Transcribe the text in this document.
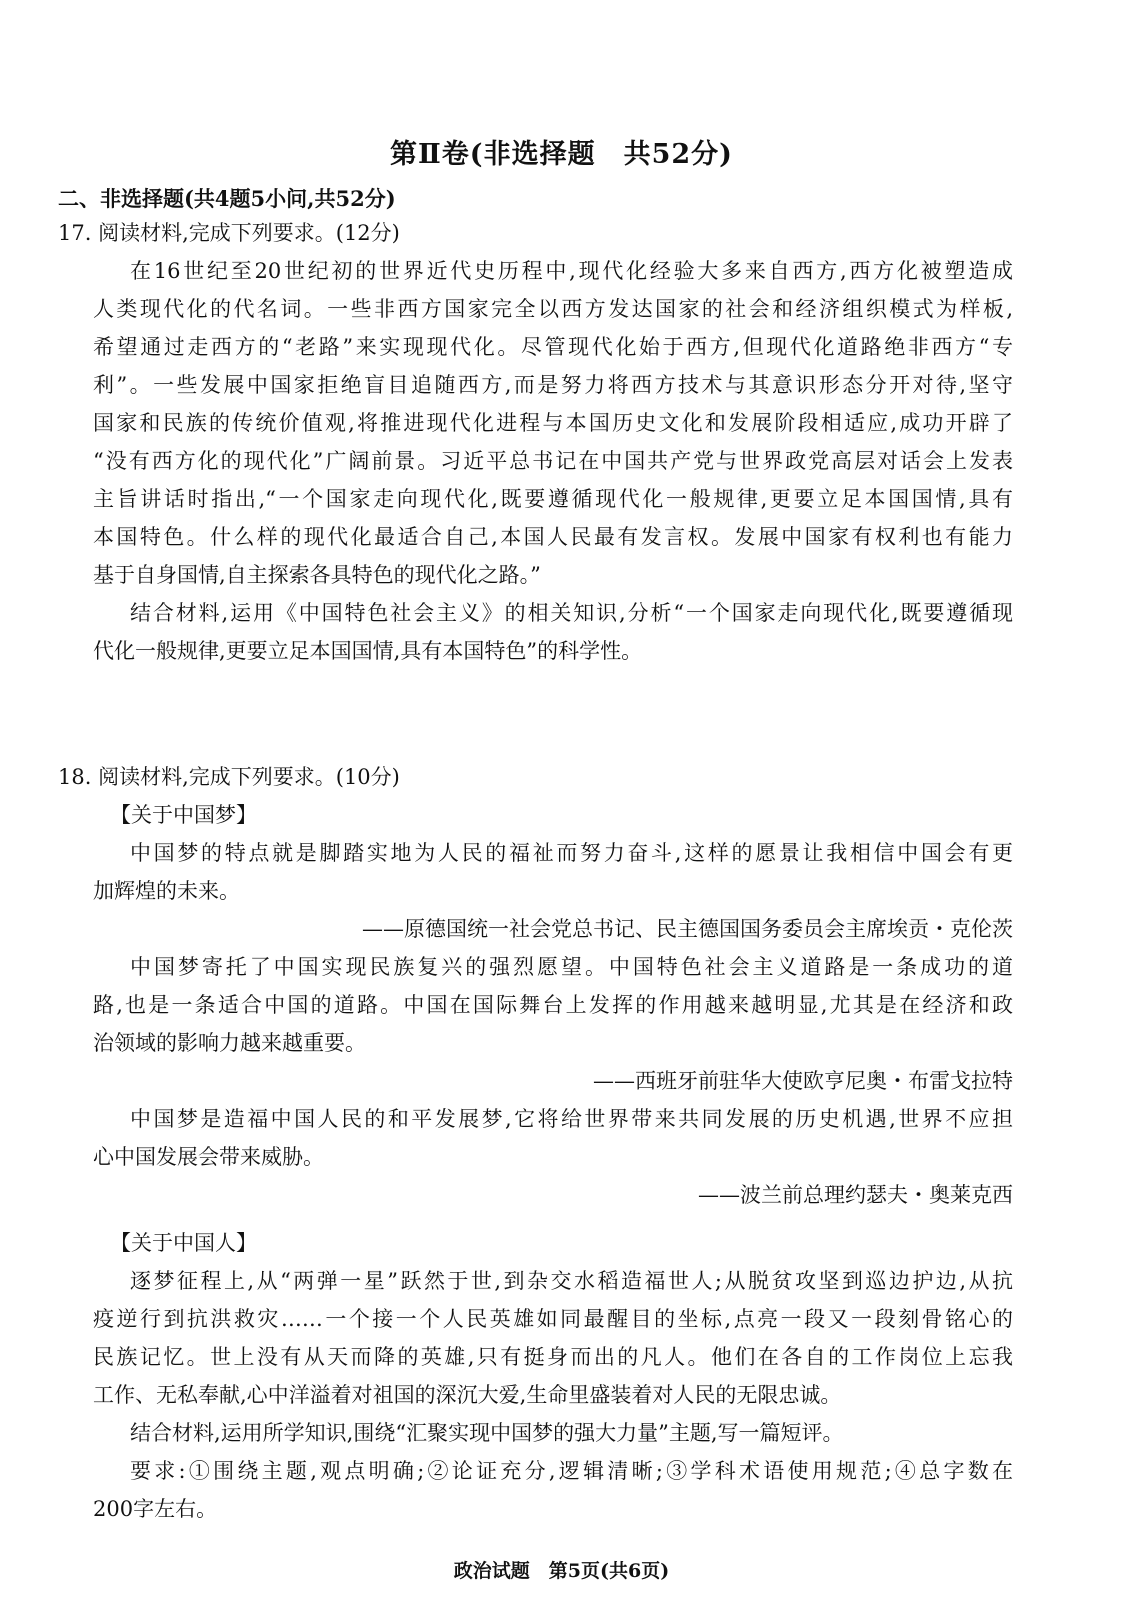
第Ⅱ卷(非选择题　共52分)
二、非选择题(共4题5小问,共52分)
17. 阅读材料,完成下列要求。(12分)
在16世纪至20世纪初的世界近代史历程中,现代化经验大多来自西方,西方化被塑造成
人类现代化的代名词。一些非西方国家完全以西方发达国家的社会和经济组织模式为样板,
希望通过走西方的“老路”来实现现代化。尽管现代化始于西方,但现代化道路绝非西方“专
利”。一些发展中国家拒绝盲目追随西方,而是努力将西方技术与其意识形态分开对待,坚守
国家和民族的传统价值观,将推进现代化进程与本国历史文化和发展阶段相适应,成功开辟了
“没有西方化的现代化”广阔前景。习近平总书记在中国共产党与世界政党高层对话会上发表
主旨讲话时指出,“一个国家走向现代化,既要遵循现代化一般规律,更要立足本国国情,具有
本国特色。什么样的现代化最适合自己,本国人民最有发言权。发展中国家有权利也有能力
基于自身国情,自主探索各具特色的现代化之路。”
结合材料,运用《中国特色社会主义》的相关知识,分析“一个国家走向现代化,既要遵循现
代化一般规律,更要立足本国国情,具有本国特色”的科学性。
18. 阅读材料,完成下列要求。(10分)
【关于中国梦】
中国梦的特点就是脚踏实地为人民的福祉而努力奋斗,这样的愿景让我相信中国会有更
加辉煌的未来。
——原德国统一社会党总书记、民主德国国务委员会主席埃贡・克伦茨
中国梦寄托了中国实现民族复兴的强烈愿望。中国特色社会主义道路是一条成功的道
路,也是一条适合中国的道路。中国在国际舞台上发挥的作用越来越明显,尤其是在经济和政
治领域的影响力越来越重要。
——西班牙前驻华大使欧亨尼奥・布雷戈拉特
中国梦是造福中国人民的和平发展梦,它将给世界带来共同发展的历史机遇,世界不应担
心中国发展会带来威胁。
——波兰前总理约瑟夫・奥莱克西
【关于中国人】
逐梦征程上,从“两弹一星”跃然于世,到杂交水稻造福世人;从脱贫攻坚到巡边护边,从抗
疫逆行到抗洪救灾……一个接一个人民英雄如同最醒目的坐标,点亮一段又一段刻骨铭心的
民族记忆。世上没有从天而降的英雄,只有挺身而出的凡人。他们在各自的工作岗位上忘我
工作、无私奉献,心中洋溢着对祖国的深沉大爱,生命里盛装着对人民的无限忠诚。
结合材料,运用所学知识,围绕“汇聚实现中国梦的强大力量”主题,写一篇短评。
要求:①围绕主题,观点明确;②论证充分,逻辑清晰;③学科术语使用规范;④总字数在
200字左右。
政治试题　第5页(共6页)
